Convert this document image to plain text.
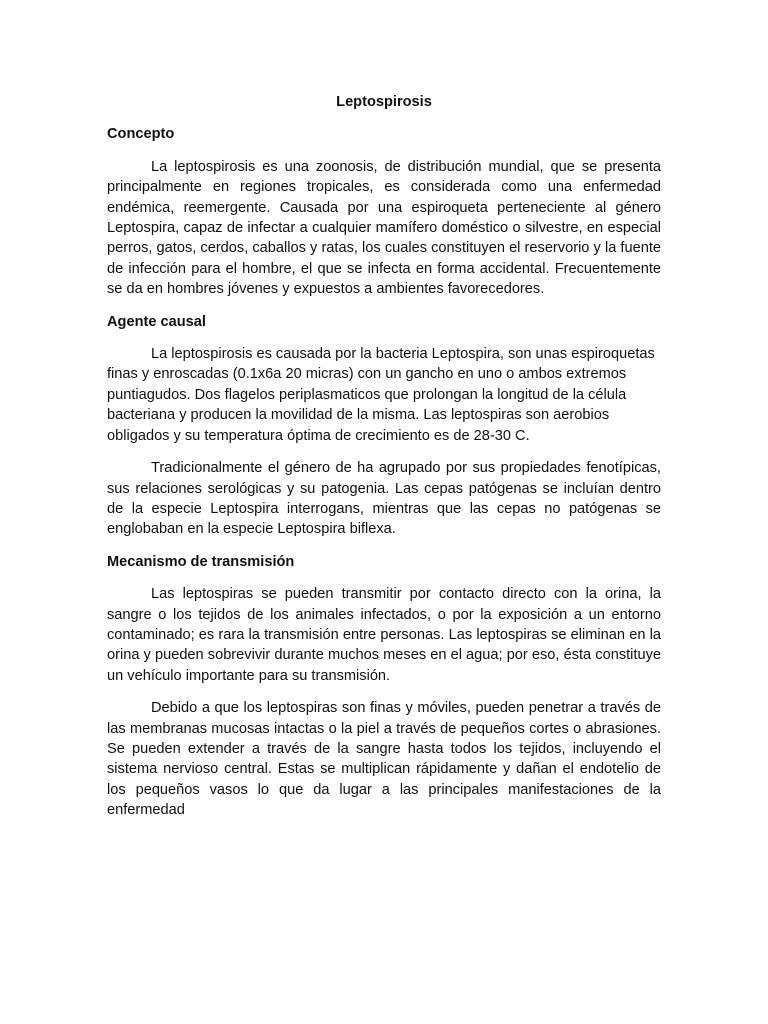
Leptospirosis
Concepto

La leptospirosis es una zoonosis, de distribución mundial, que se presenta principalmente en regiones tropicales, es considerada como una enfermedad endémica, reemergente. Causada por una espiroqueta perteneciente al género Leptospira, capaz de infectar a cualquier mamífero doméstico o silvestre, en especial perros, gatos, cerdos, caballos y ratas, los cuales constituyen el reservorio y la fuente de infección para el hombre, el que se infecta en forma accidental. Frecuentemente se da en hombres jóvenes y expuestos a ambientes favorecedores.

Agente causal

La leptospirosis es causada por la bacteria Leptospira, son unas espiroquetas finas y enroscadas (0.1x6a 20 micras) con un gancho en uno o ambos extremos puntiagudos. Dos flagelos periplasmaticos que prolongan la longitud de la célula bacteriana y producen la movilidad de la misma. Las leptospiras son aerobios obligados y su temperatura óptima de crecimiento es de 28-30 C.

Tradicionalmente el género de ha agrupado por sus propiedades fenotípicas, sus relaciones serológicas y su patogenia. Las cepas patógenas se incluían dentro de la especie Leptospira interrogans, mientras que las cepas no patógenas se englobaban en la especie Leptospira biflexa.

Mecanismo de transmisión

Las leptospiras se pueden transmitir por contacto directo con la orina, la sangre o los tejidos de los animales infectados, o por la exposición a un entorno contaminado; es rara la transmisión entre personas. Las leptospiras se eliminan en la orina y pueden sobrevivir durante muchos meses en el agua; por eso, ésta constituye un vehículo importante para su transmisión.

Debido a que los leptospiras son finas y móviles, pueden penetrar a través de las membranas mucosas intactas o la piel a través de pequeños cortes o abrasiones. Se pueden extender a través de la sangre hasta todos los tejidos, incluyendo el sistema nervioso central. Estas se multiplican rápidamente y dañan el endotelio de los pequeños vasos lo que da lugar a las principales manifestaciones de la enfermedad
